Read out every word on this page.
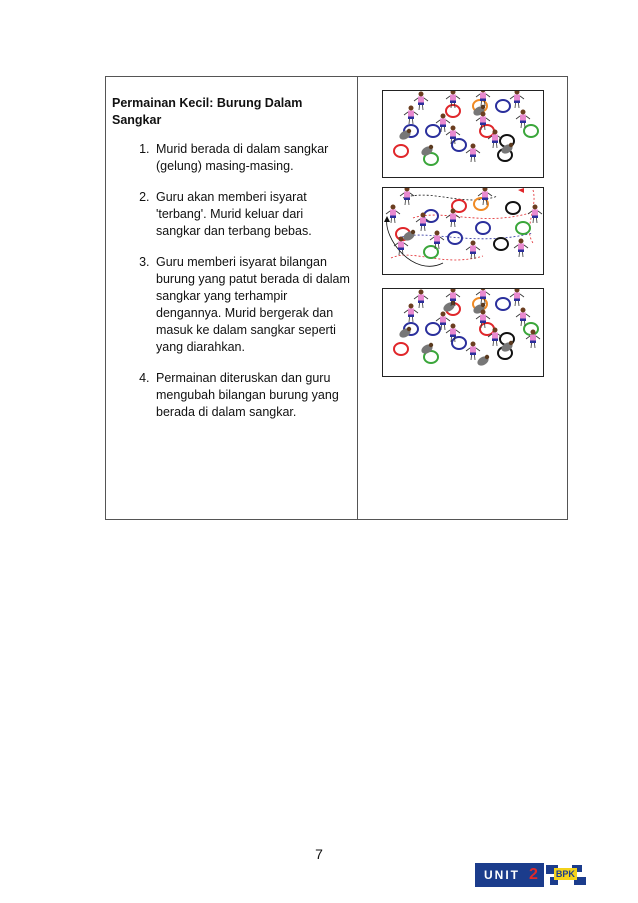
Permainan Kecil: Burung Dalam Sangkar
1. Murid berada di dalam sangkar (gelung) masing-masing.
2. Guru akan memberi isyarat 'terbang'. Murid keluar dari sangkar dan terbang bebas.
3. Guru memberi isyarat bilangan burung yang patut berada di dalam sangkar yang terhampir dengannya. Murid bergerak dan masuk ke dalam sangkar seperti yang diarahkan.
4. Permainan diteruskan dan guru mengubah bilangan burung yang berada di dalam sangkar.
7
UNIT 2	BPK
